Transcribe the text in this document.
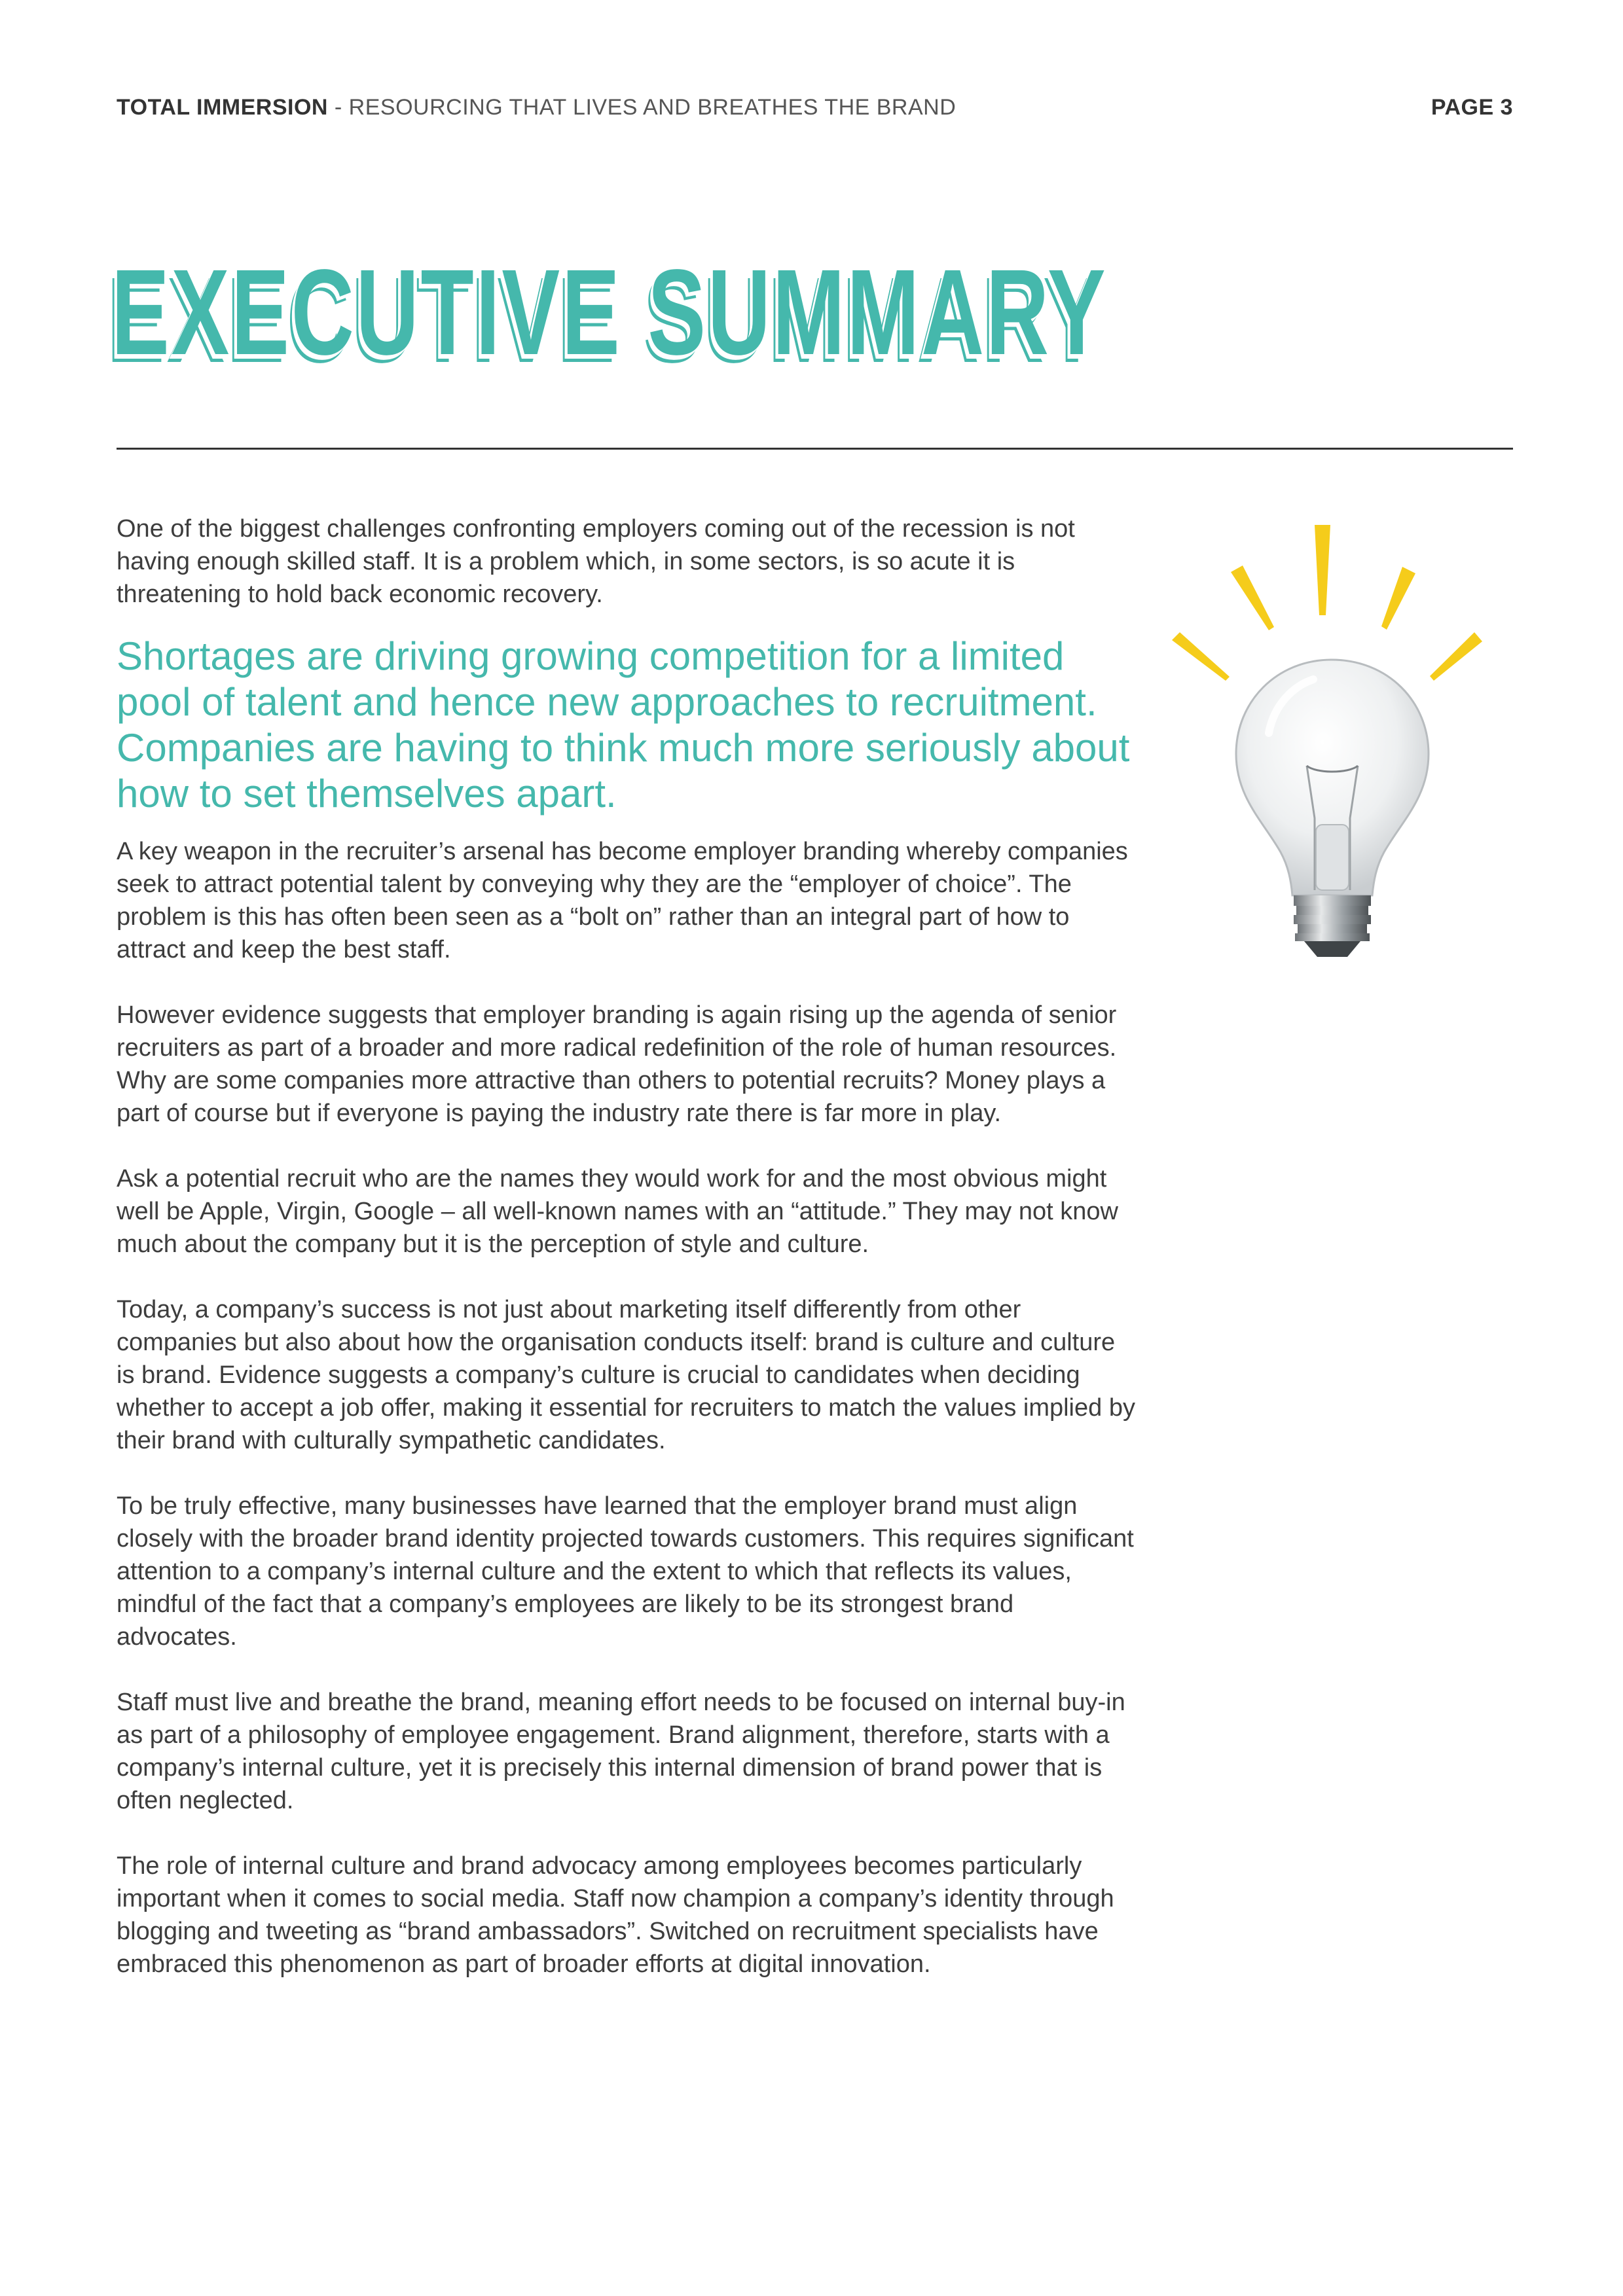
TOTAL IMMERSION - RESOURCING THAT LIVES AND BREATHES THE BRAND	PAGE 3
EXECUTIVE SUMMARY

One of the biggest challenges confronting employers coming out of the recession is not having enough skilled staff. It is a problem which, in some sectors, is so acute it is threatening to hold back economic recovery.

Shortages are driving growing competition for a limited pool of talent and hence new approaches to recruitment. Companies are having to think much more seriously about how to set themselves apart.

A key weapon in the recruiter’s arsenal has become employer branding whereby companies seek to attract potential talent by conveying why they are the “employer of choice”. The problem is this has often been seen as a “bolt on” rather than an integral part of how to attract and keep the best staff.

However evidence suggests that employer branding is again rising up the agenda of senior recruiters as part of a broader and more radical redefinition of the role of human resources. Why are some companies more attractive than others to potential recruits? Money plays a part of course but if everyone is paying the industry rate there is far more in play.

Ask a potential recruit who are the names they would work for and the most obvious might well be Apple, Virgin, Google – all well-known names with an “attitude.” They may not know much about the company but it is the perception of style and culture.

Today, a company’s success is not just about marketing itself differently from other companies but also about how the organisation conducts itself: brand is culture and culture is brand. Evidence suggests a company’s culture is crucial to candidates when deciding whether to accept a job offer, making it essential for recruiters to match the values implied by their brand with culturally sympathetic candidates.

To be truly effective, many businesses have learned that the employer brand must align closely with the broader brand identity projected towards customers. This requires significant attention to a company’s internal culture and the extent to which that reflects its values, mindful of the fact that a company’s employees are likely to be its strongest brand advocates.

Staff must live and breathe the brand, meaning effort needs to be focused on internal buy-in as part of a philosophy of employee engagement. Brand alignment, therefore, starts with a company’s internal culture, yet it is precisely this internal dimension of brand power that is often neglected.

The role of internal culture and brand advocacy among employees becomes particularly important when it comes to social media. Staff now champion a company’s identity through blogging and tweeting as “brand ambassadors”. Switched on recruitment specialists have embraced this phenomenon as part of broader efforts at digital innovation.
